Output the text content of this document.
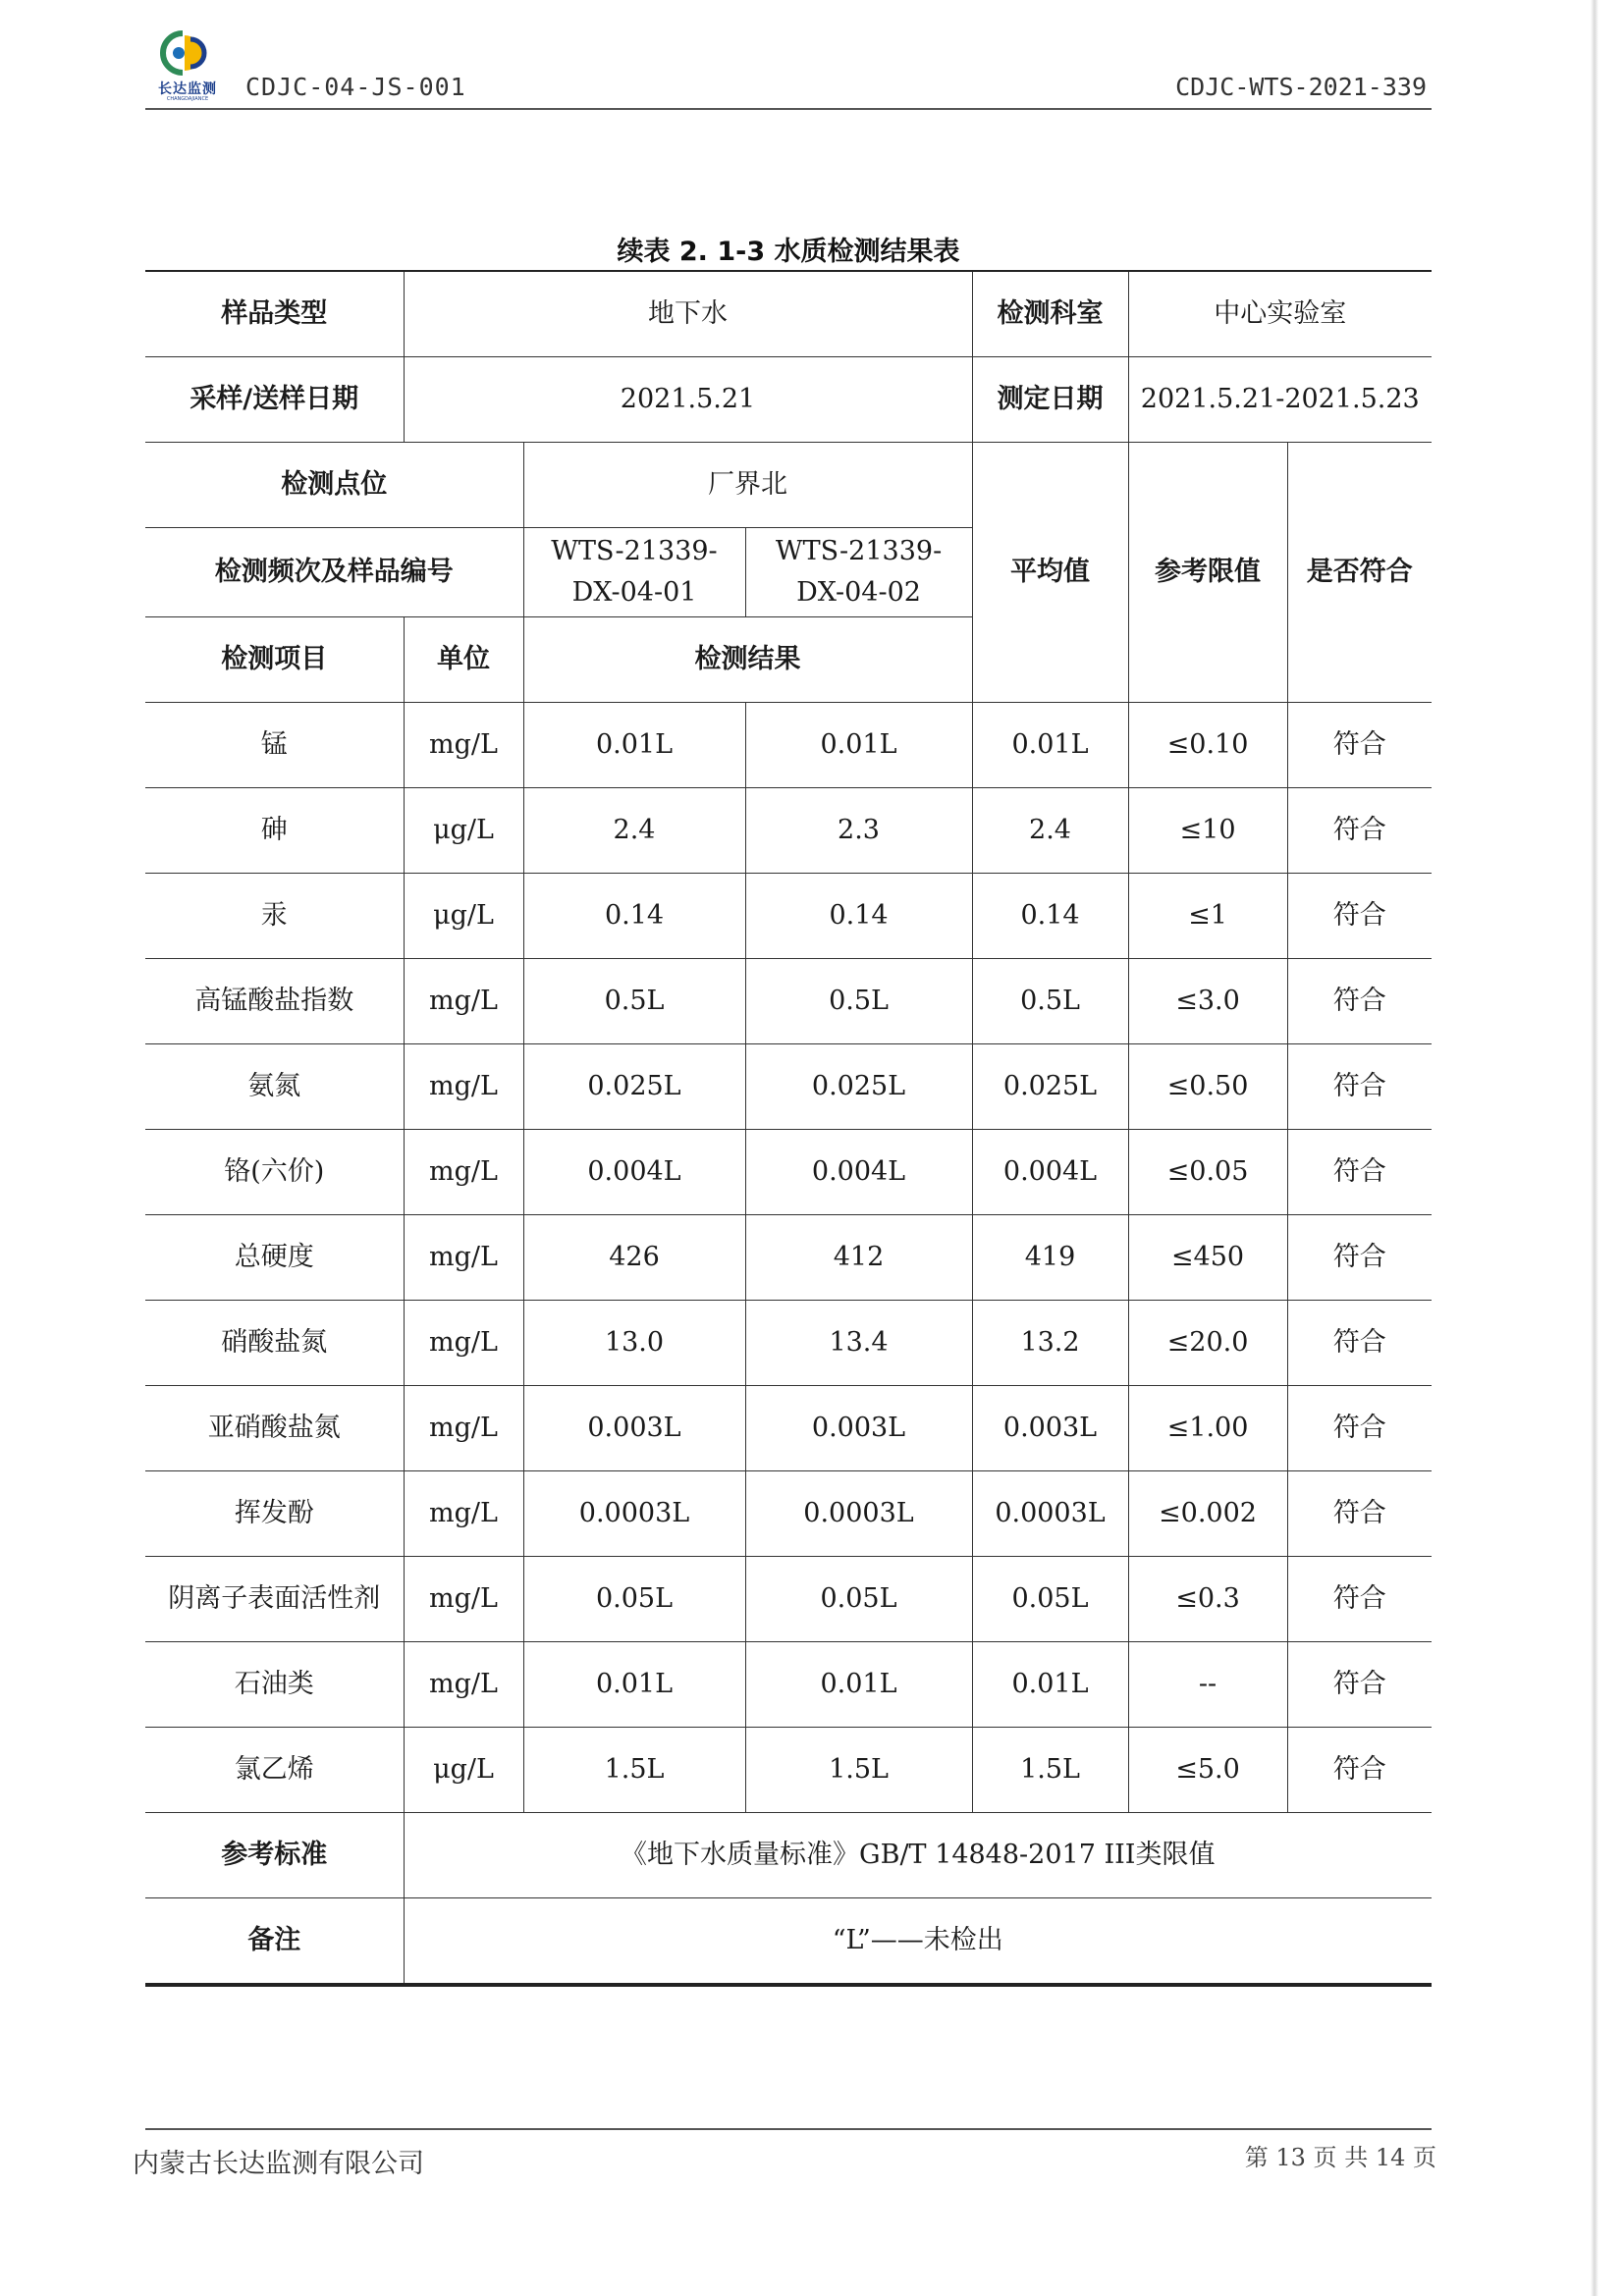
长达监测
CHANGDAJIANCE	CDJC-04-JS-001	CDJC-WTS-2021-339
续表 2. 1-3 水质检测结果表
样品类型	地下水			检测科室	中心实验室	
采样/送样日期	2021.5.21			测定日期	2021.5.21-2021.5.23	
检测点位		厂界北		平均值	参考限值	是否符合
检测频次及样品编号		WTS-21339-DX-04-01	WTS-21339-DX-04-02			
检测项目	单位	检测结果				
锰	mg/L	0.01L	0.01L	0.01L	≤0.10	符合
砷	μg/L	2.4	2.3	2.4	≤10	符合
汞	μg/L	0.14	0.14	0.14	≤1	符合
高锰酸盐指数	mg/L	0.5L	0.5L	0.5L	≤3.0	符合
氨氮	mg/L	0.025L	0.025L	0.025L	≤0.50	符合
铬(六价)	mg/L	0.004L	0.004L	0.004L	≤0.05	符合
总硬度	mg/L	426	412	419	≤450	符合
硝酸盐氮	mg/L	13.0	13.4	13.2	≤20.0	符合
亚硝酸盐氮	mg/L	0.003L	0.003L	0.003L	≤1.00	符合
挥发酚	mg/L	0.0003L	0.0003L	0.0003L	≤0.002	符合
阴离子表面活性剂	mg/L	0.05L	0.05L	0.05L	≤0.3	符合
石油类	mg/L	0.01L	0.01L	0.01L	--	符合
氯乙烯	μg/L	1.5L	1.5L	1.5L	≤5.0	符合
参考标准	《地下水质量标准》GB/T 14848-2017 III类限值					
备注	“L”——未检出					
内蒙古长达监测有限公司	第 13 页 共 14 页
